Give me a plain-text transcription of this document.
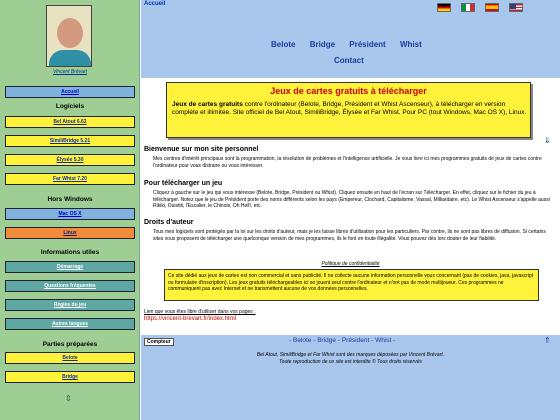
Vincent Brévart
Accueil
Logiciels
Bel Atout 6.62
SimiliBridge 5.21
Élysée 5.30
Far Whist 7.20
Hors Windows
Mac OS X
Linux
Informations utiles
Démarrage
Questions fréquentes
Règles du jeu
Autres langues
Parties préparées
Belote
Bridge
⇳
Accueil
Belote Bridge Président Whist
Contact
Jeux de cartes gratuits à télécharger
Jeux de cartes gratuits contre l'ordinateur (Belote, Bridge, Président et Whist Ascenseur), à télécharger en version complète et illimitée. Site officiel de Bel Atout, SimiliBridge, Élysée et Far Whist. Pour PC (tout Windows, Mac OS X), Linux.
⇓
Bienvenue sur mon site personnel
Mes centres d'intérêt principaux sont la programmation, la résolution de problèmes et l'intelligence artificielle. Je vous livre ici mes programmes gratuits de jeux de cartes contre l'ordinateur pour vous distraire ou vous intéresser.
Pour télécharger un jeu
Cliquez à gauche sur le jeu qui vous intéresse (Belote, Bridge, Président ou Whist). Cliquez ensuite en haut de l'écran sur Télécharger. En effet, cliquez sur le fichier du jeu à télécharger. Notez que le jeu de Président porte des noms différents selon les pays (Empereur, Clochard, Capitalisme, Vassal, Milliardaire, etc). Le Whist Ascenseur s'appelle aussi Rikiki, Ouistiti, l'Escalier, le Chinois, Oh Hell!, etc.
Droits d'auteur
Tous mes logiciels sont protégés par la loi sur les droits d'auteur, mais je les laisse libres d'utilisation pour les particuliers. Par contre, ils ne sont pas libres de diffusion. Si certains sites vous proposent de télécharger une quelconque version de mes programmes, ils le font en toute illégalité. Vous pouvez dès lors douter de leur fiabilité.
Politique de confidentialité
Ce site dédié aux jeux de cartes est non commercial et sans publicité. Il ne collecte aucune information personnelle vous concernant (pas de cookies, java, javascript ou formulaire d'inscription). Les jeux gratuits téléchargeables ici se jouent seul contre l'ordinateur et n'ont pas de mode multijoueur. Ces programmes ne communiquent pas avec Internet et ne transmettent aucune de vos données personnelles.
Lien que vous êtes libre d'utiliser dans vos pages :
https://vincent-brevart.fr/index.html
Compteur	- Belote - Bridge - Président - Whist -	⇑
Bel Atout, SimiliBridge et Far Whist sont des marques déposées par Vincent Brévart.
Toute reproduction de ce site est interdite © Tous droits réservés
